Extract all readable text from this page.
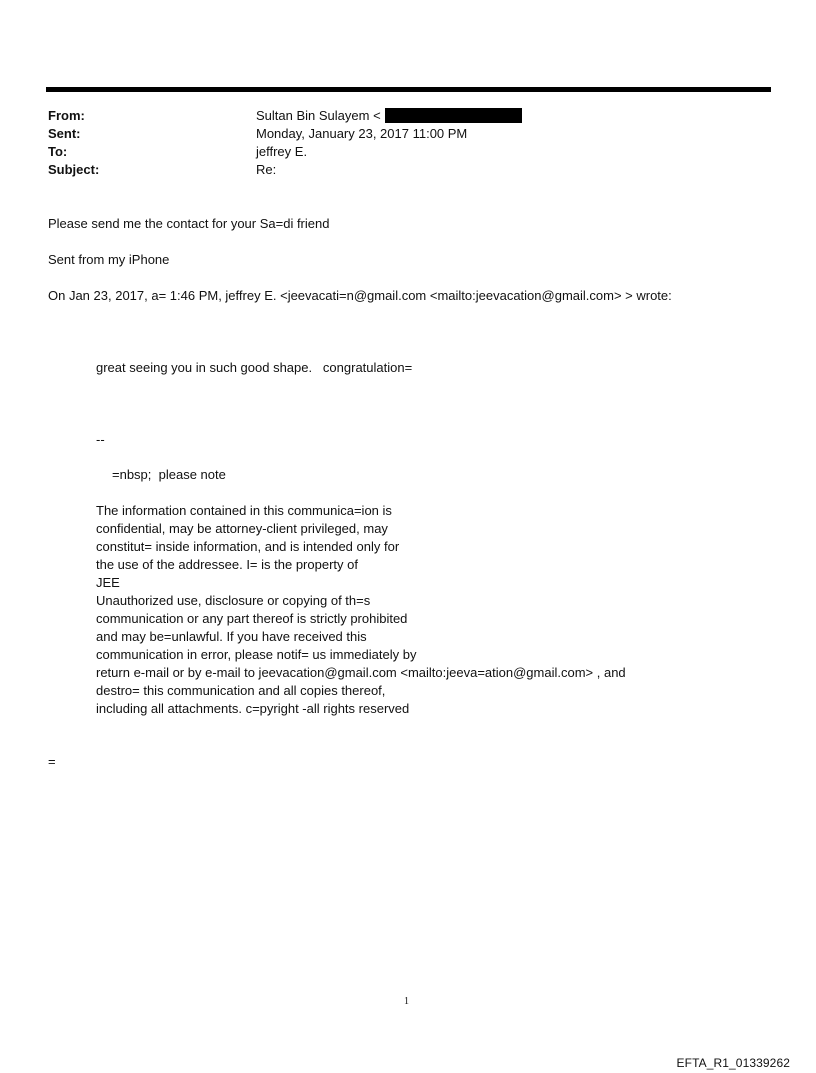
From:	Sultan Bin Sulayem <
Sent:	Monday, January 23, 2017 11:00 PM
To:	jeffrey E.
Subject:	Re:
Please send me the contact for your Sa=di friend
Sent from my iPhone
On Jan 23, 2017, a= 1:46 PM, jeffrey E. <jeevacati=n@gmail.com <mailto:jeevacation@gmail.com> > wrote:
great seeing you in such good shape.   congratulation=
--
=nbsp;  please note
The information contained in this communica=ion is
confidential, may be attorney-client privileged, may
constitut= inside information, and is intended only for
the use of the addressee. I= is the property of
JEE
Unauthorized use, disclosure or copying of th=s
communication or any part thereof is strictly prohibited
and may be=unlawful. If you have received this
communication in error, please notif= us immediately by
return e-mail or by e-mail to jeevacation@gmail.com <mailto:jeeva=ation@gmail.com> , and
destro= this communication and all copies thereof,
including all attachments. c=pyright -all rights reserved
=
1
EFTA_R1_01339262
